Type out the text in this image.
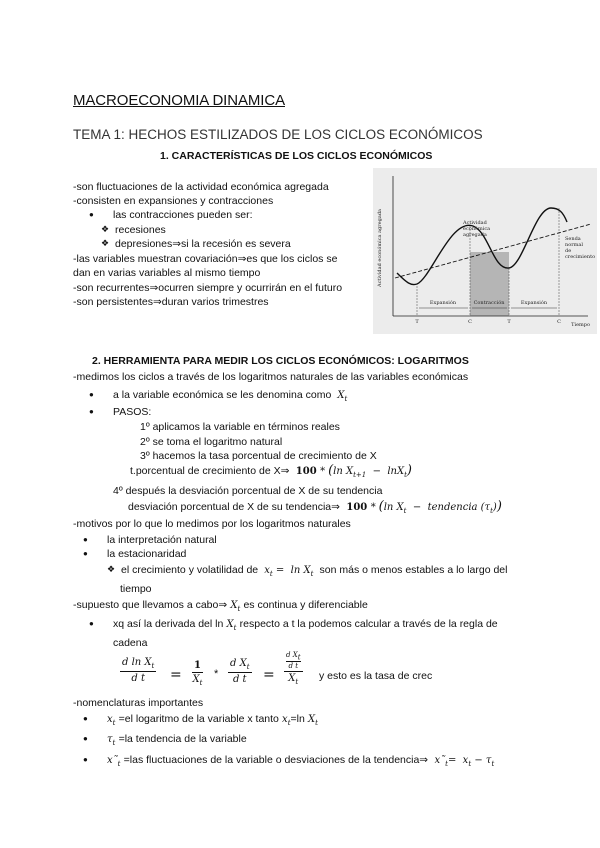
MACROECONOMIA DINAMICA
TEMA 1: HECHOS ESTILIZADOS DE LOS CICLOS ECONÓMICOS
1. CARACTERÍSTICAS DE LOS CICLOS ECONÓMICOS
-son fluctuaciones de la actividad económica agregada
-consisten en expansiones y contracciones
● las contracciones pueden ser:
❖ recesiones
❖ depresiones⇒si la recesión es severa
-las variables muestran covariación⇒es que los ciclos se
dan en varias variables al mismo tiempo
-son recurrentes⇒ocurren siempre y ocurrirán en el futuro
-son persistentes⇒duran varios trimestres
Actividad económica agregada
Tiempo
Actividad
económica
agregada
Senda
normal
de
crecimiento
Expansión	Contracción	Expansión
T	C	T	C
2. HERRAMIENTA PARA MEDIR LOS CICLOS ECONÓMICOS: LOGARITMOS
-medimos los ciclos a través de los logaritmos naturales de las variables económicas
● a la variable económica se les denomina como  $X_t$
● PASOS:
1º aplicamos la variable en términos reales
2º se toma el logaritmo natural
3º hacemos la tasa porcentual de crecimiento de X
t.porcentual de crecimiento de X⇒  100 * (ln $X_{t+1} - \ln X_t$)
4º después la desviación porcentual de X de su tendencia
desviación porcentual de X de su tendencia⇒  100 * (ln $X_t$  −  tendencia $(\tau_t)$)
-motivos por lo que lo medimos por los logaritmos naturales
● la interpretación natural
● la estacionaridad
❖ el crecimiento y volatilidad de  $x_t = \ln X_t$ son más o menos estables a lo largo del
tiempo
-supuesto que llevamos a cabo⇒ $X_t$ es continua y diferenciable
● xq así la derivada del $\ln X_t$ respecto a t la podemos calcular a través de la regla de
cadena
$\frac{d \ln X_t}{\text{d t}} = \frac{1}{X_t} * \frac{d X_t}{\text{d t}}$ =
d $X_t$
d t
$X_t$
y esto es la tasa de crec
-nomenclaturas importantes
● $x_t =el$ logaritmo de la variable x tanto $x_t=\ln$ $X_t$
● $\tau_t =la$ tendencia de la variable
● $x˜_t =las$ fluctuaciones de la variable o desviaciones de la tendencia⇒  $x˜_t= x_t - \tau_t$
